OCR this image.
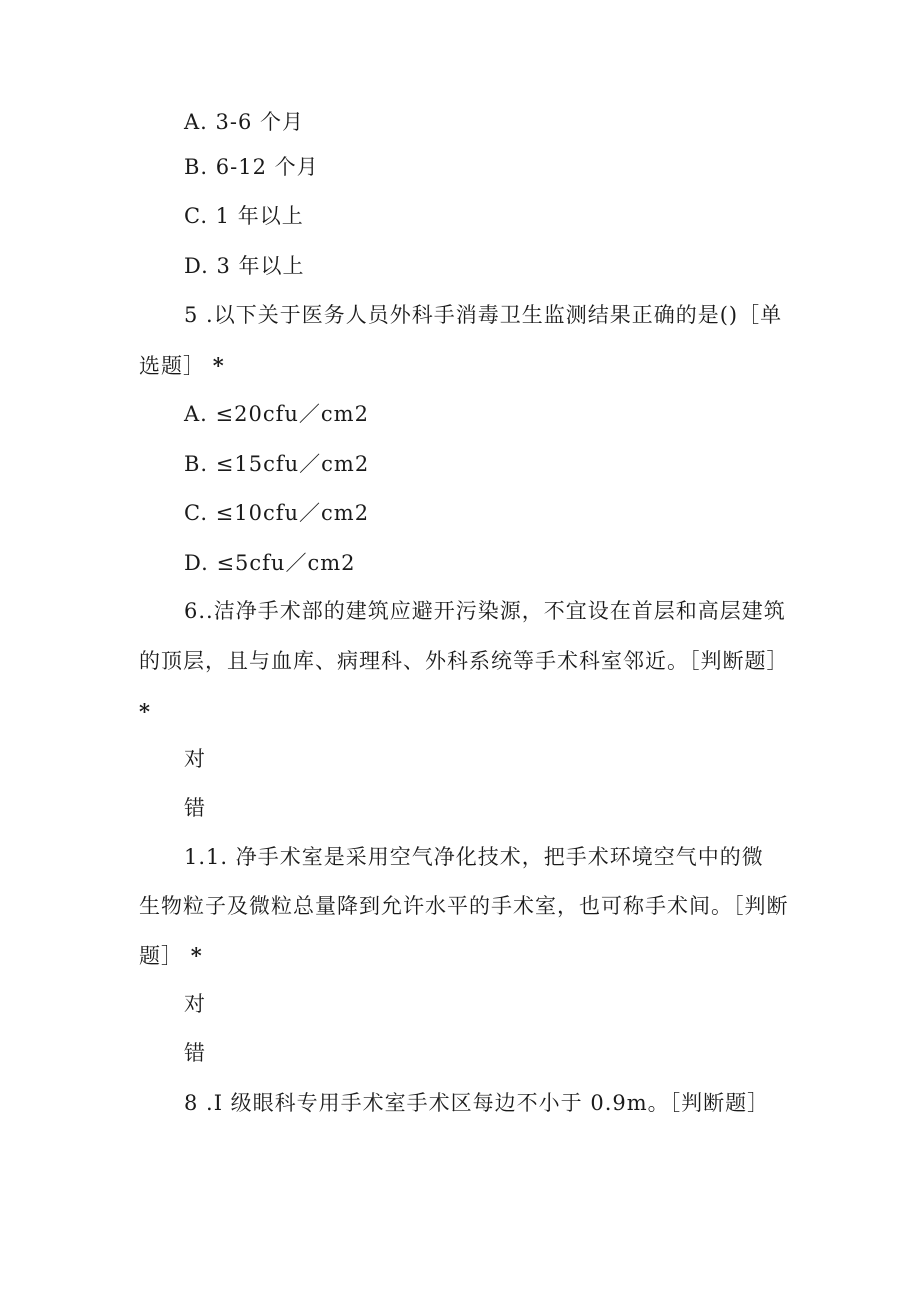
A. 3-6 个月
B. 6-12 个月
C. 1 年以上
D. 3 年以上
5 .以下关于医务人员外科手消毒卫生监测结果正确的是()［单
选题］ *
A. ≤20cfu／cm2
B. ≤15cfu／cm2
C. ≤10cfu／cm2
D. ≤5cfu／cm2
6..洁净手术部的建筑应避开污染源，不宜设在首层和高层建筑
的顶层，且与血库、病理科、外科系统等手术科室邻近。［判断题］
*
对
错
1.1. 净手术室是采用空气净化技术，把手术环境空气中的微
生物粒子及微粒总量降到允许水平的手术室，也可称手术间。［判断
题］ *
对
错
8 .I 级眼科专用手术室手术区每边不小于 0.9m。［判断题］
